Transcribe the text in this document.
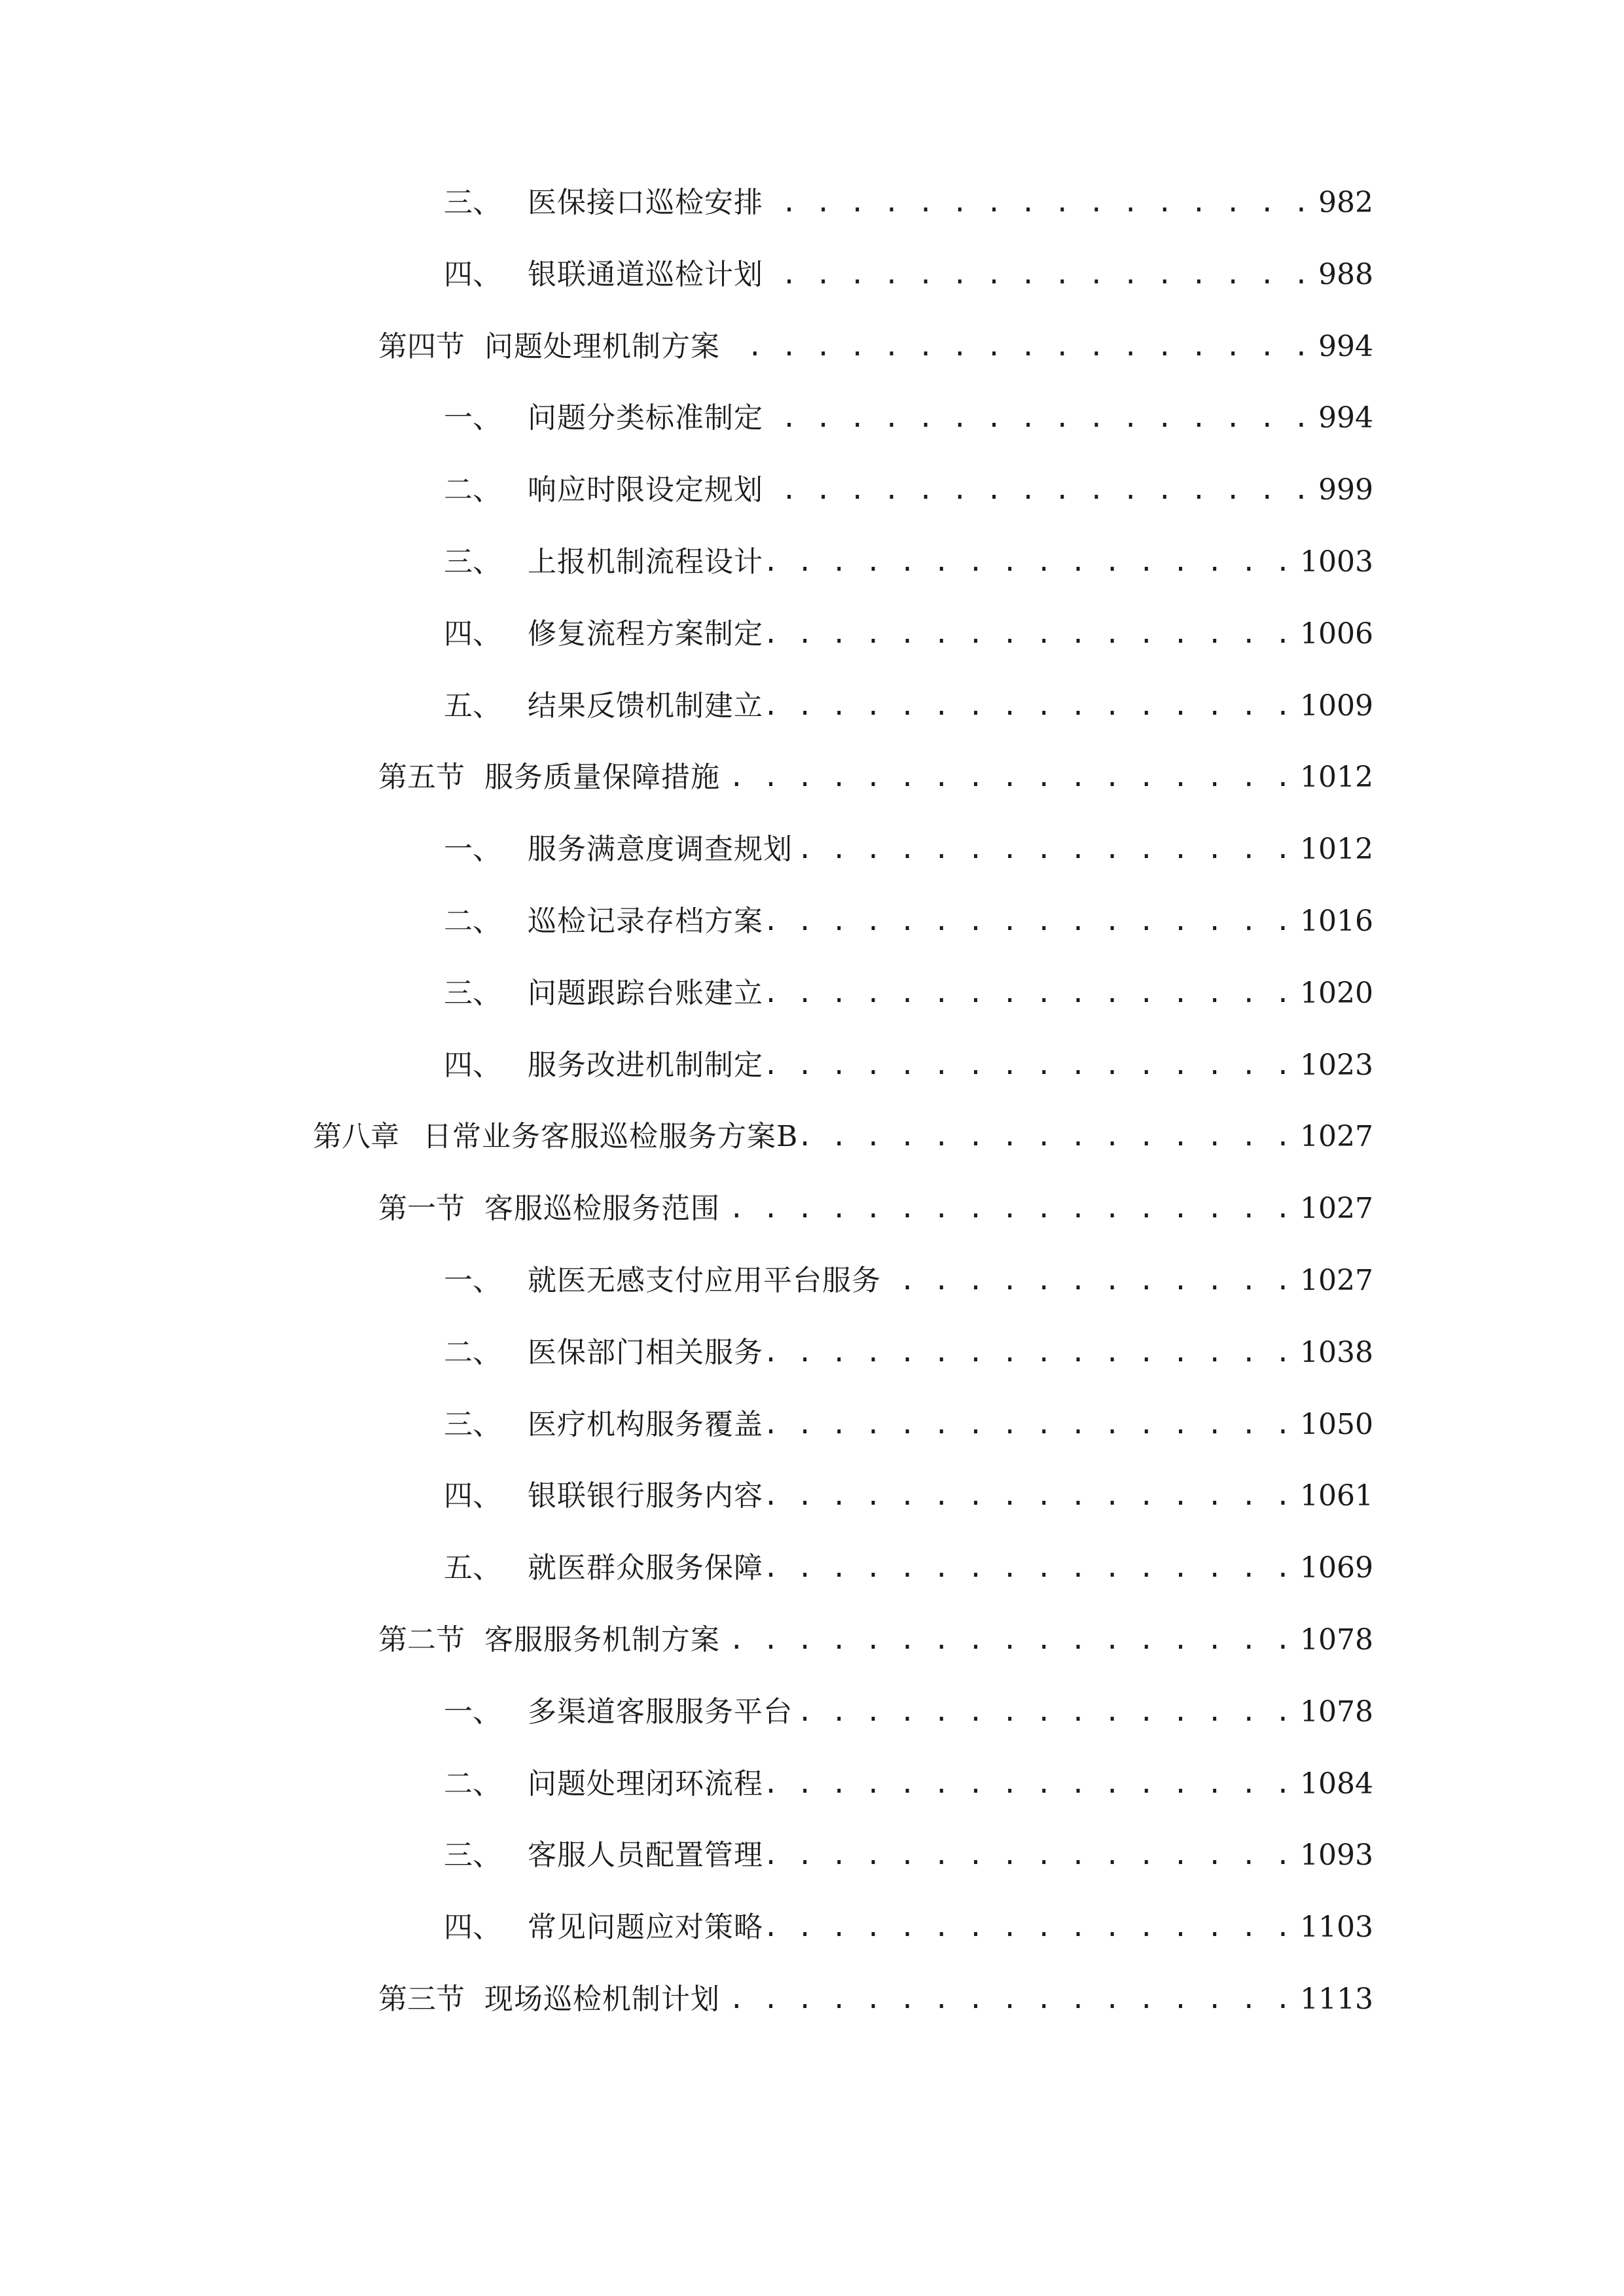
三、 医保接口巡检安排 . . .	982
四、 银联通道巡检计划 . . .	988
第四节 问题处理机制方案 . . .	994
一、 问题分类标准制定 . . .	994
二、 响应时限设定规划 . . .	999
三、 上报机制流程设计 . . .	1003
四、 修复流程方案制定 . . .	1006
五、 结果反馈机制建立 . . .	1009
第五节 服务质量保障措施 . . .	1012
一、 服务满意度调查规划 . . .	1012
二、 巡检记录存档方案 . . .	1016
三、 问题跟踪台账建立 . . .	1020
四、 服务改进机制制定 . . .	1023
第八章 日常业务客服巡检服务方案B . . .	1027
第一节 客服巡检服务范围 . . .	1027
一、 就医无感支付应用平台服务 . . .	1027
二、 医保部门相关服务 . . .	1038
三、 医疗机构服务覆盖 . . .	1050
四、 银联银行服务内容 . . .	1061
五、 就医群众服务保障 . . .	1069
第二节 客服服务机制方案 . . .	1078
一、 多渠道客服服务平台 . . .	1078
二、 问题处理闭环流程 . . .	1084
三、 客服人员配置管理 . . .	1093
四、 常见问题应对策略 . . .	1103
第三节 现场巡检机制计划 . . .	1113
